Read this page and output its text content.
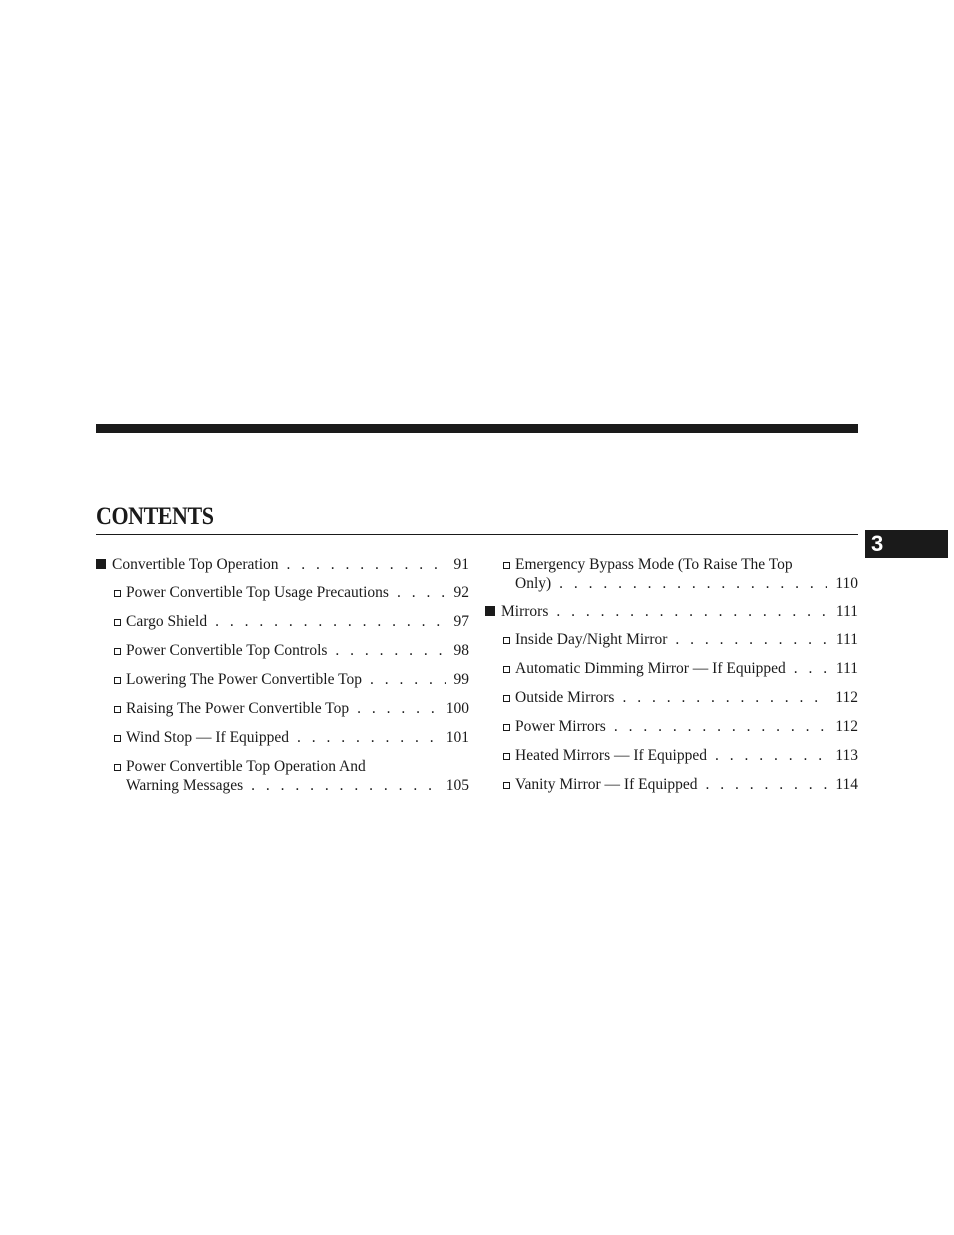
CONTENTS
3
Convertible Top Operation . . .	91
Power Convertible Top Usage Precautions . . .	92
Cargo Shield . . .	97
Power Convertible Top Controls . . .	98
Lowering The Power Convertible Top . . .	99
Raising The Power Convertible Top . . .	100
Wind Stop — If Equipped . . .	101
Power Convertible Top Operation And
Warning Messages . . .	105
Emergency Bypass Mode (To Raise The Top
Only) . . .	110
Mirrors . . .	111
Inside Day/Night Mirror . . .	111
Automatic Dimming Mirror — If Equipped . . .	111
Outside Mirrors . . .	112
Power Mirrors . . .	112
Heated Mirrors — If Equipped . . .	113
Vanity Mirror — If Equipped . . .	114
